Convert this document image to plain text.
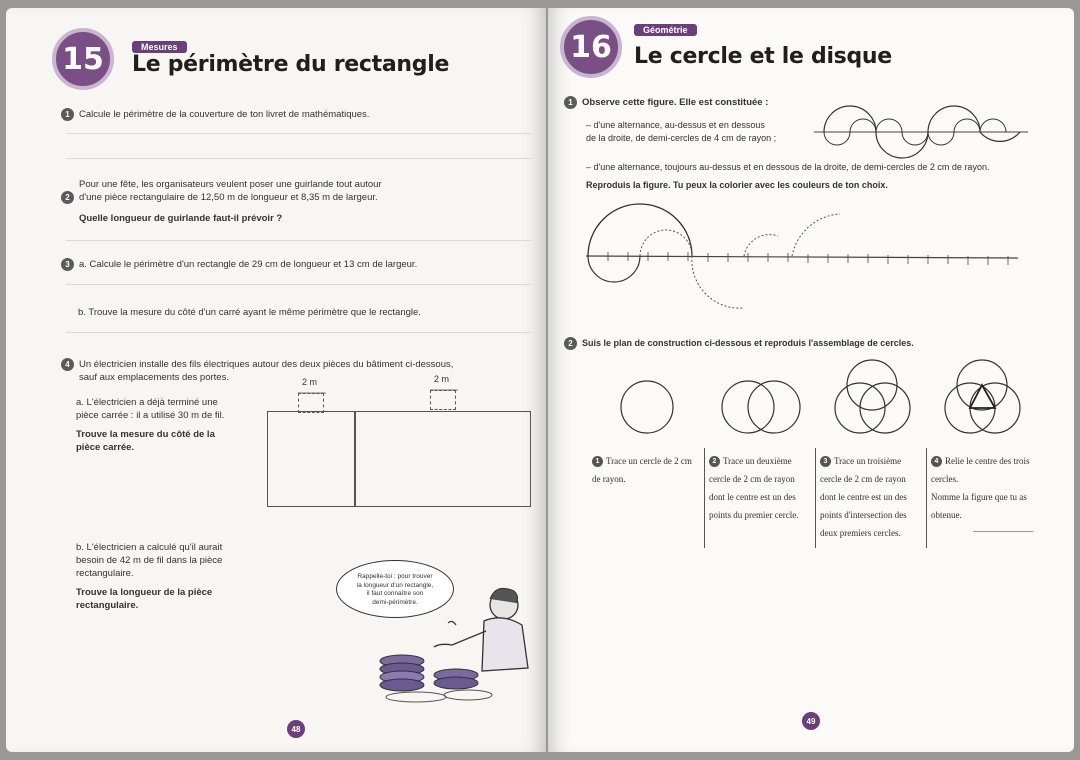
15	Mesures
Le périmètre du rectangle
1 Calcule le périmètre de la couverture de ton livret de mathématiques.
Pour une fête, les organisateurs veulent poser une guirlande tout autour
2 d'une pièce rectangulaire de 12,50 m de longueur et 8,35 m de largeur.
Quelle longueur de guirlande faut-il prévoir ?
3 a. Calcule le périmètre d'un rectangle de 29 cm de longueur et 13 cm de largeur.
b. Trouve la mesure du côté d'un carré ayant le même périmètre que le rectangle.
4 Un électricien installe des fils électriques autour des deux pièces du bâtiment ci-dessous,
sauf aux emplacements des portes.
a. L'électricien a déjà terminé une
pièce carrée : il a utilisé 30 m de fil.
Trouve la mesure du côté de la
pièce carrée.
2 m	2 m
b. L'électricien a calculé qu'il aurait
besoin de 42 m de fil dans la pièce
rectangulaire.
Trouve la longueur de la pièce
rectangulaire.
Rappelle-toi : pour trouver
la longueur d'un rectangle,
il faut connaître son
demi-périmètre.
48
16	Géométrie
Le cercle et le disque
1 Observe cette figure. Elle est constituée :
– d'une alternance, au-dessus et en dessous
de la droite, de demi-cercles de 4 cm de rayon ;
– d'une alternance, toujours au-dessus et en dessous de la droite, de demi-cercles de 2 cm de rayon.
Reproduis la figure. Tu peux la colorier avec les couleurs de ton choix.
2 Suis le plan de construction ci-dessous et reproduis l'assemblage de cercles.
1 Trace un cercle de 2 cm
de rayon.
2 Trace un deuxième
cercle de 2 cm de rayon
dont le centre est un des
points du premier cercle.
3 Trace un troisième
cercle de 2 cm de rayon
dont le centre est un des
points d'intersection des
deux premiers cercles.
4 Relie le centre des trois
cercles.
Nomme la figure que tu as
obtenue.
49
